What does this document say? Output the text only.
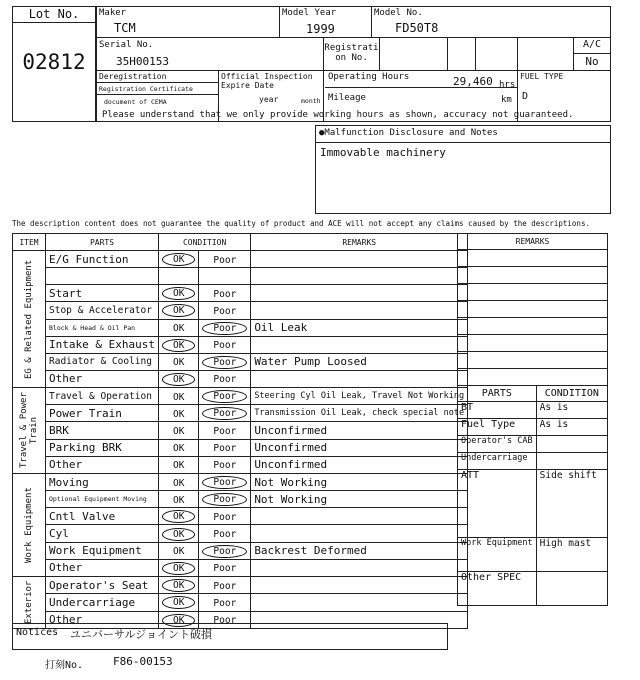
Lot No.
02812
Maker
TCM
Model Year
1999
Model No.
FD50T8
Serial No.
35H00153
Registrati
on No.
A/C
No
Deregistration
Registration Certificate
document of CEMA
Official Inspection
Expire Date
year	month
Operating Hours	29,460 hrs
Mileage	km
FUEL TYPE
D
Please understand that we only provide working hours as shown, accuracy not guaranteed.
●Malfunction Disclosure and Notes
Immovable machinery
The description content does not guarantee the quality of product and ACE will not accept any claims caused by the descriptions.
ITEM	PARTS	CONDITION		REMARKS

EG & Related Equipment	E/G Function	OK	Poor	

	Start	OK	Poor	
	Stop & Accelerator	OK	Poor	
	Block & Head & Oil Pan	OK	Poor	Oil Leak
	Intake & Exhaust	OK	Poor	
	Radiator & Cooling	OK	Poor	Water Pump Loosed
	Other	OK	Poor	

Travel & Power Train	Travel & Operation	OK	Poor	Steering Cyl Oil Leak, Travel Not Working
	Power Train	OK	Poor	Transmission Oil Leak, check special note
	BRK	OK	Poor	Unconfirmed
	Parking BRK	OK	Poor	Unconfirmed
	Other	OK	Poor	Unconfirmed

Work Equipment	Moving	OK	Poor	Not Working
	Optional Equipment Moving	OK	Poor	Not Working
	Cntl Valve	OK	Poor	
	Cyl	OK	Poor	
	Work Equipment	OK	Poor	Backrest Deformed
	Other	OK	Poor	

Exterior	Operator's Seat	OK	Poor	
	Undercarriage	OK	Poor	
	Other	OK	Poor	
REMARKS

PARTS	CONDITION
BT	As is
Fuel Type	As is
Operator's CAB	
Undercarriage	
ATT	Side shift
Work Equipment	High mast
Other SPEC	
Notices ユニバーサルジョイント破損
打刻No.	F86-00153
